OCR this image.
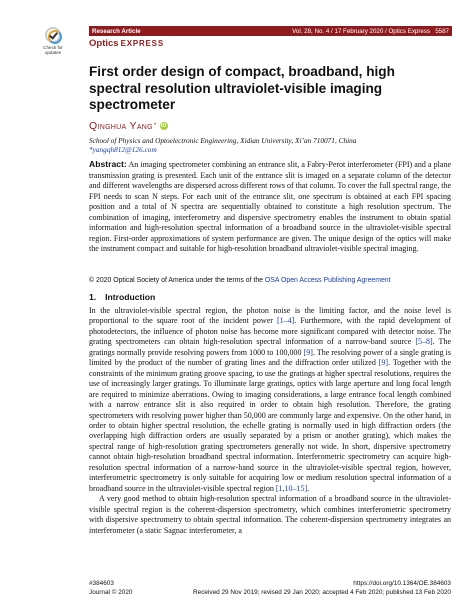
Research Article	Vol. 28, No. 4 / 17 February 2020 / Optics Express 5587
Check for
updates
Optics EXPRESS
First order design of compact, broadband, high spectral resolution ultraviolet-visible imaging spectrometer
Qinghua Yang * iD
School of Physics and Optoelectronic Engineering, Xidian University, Xi’an 710071, China
*yangqh812@126.com
Abstract: An imaging spectrometer combining an entrance slit, a Fabry-Perot interferometer (FPI) and a plane transmission grating is presented. Each unit of the entrance slit is imaged on a separate column of the detector and different wavelengths are dispersed across different rows of that column. To cover the full spectral range, the FPI needs to scan N steps. For each unit of the entrance slit, one spectrum is obtained at each FPI spacing position and a total of N spectra are sequentially obtained to constitute a high resolution spectrum. The combination of imaging, interferometry and dispersive spectrometry enables the instrument to obtain spatial information and high-resolution spectral information of a broadband source in the ultraviolet-visible spectral region. First-order approximations of system performance are given. The unique design of the optics will make the instrument compact and suitable for high-resolution broadband ultraviolet-visible spectral imaging.
© 2020 Optical Society of America under the terms of the OSA Open Access Publishing Agreement
1. Introduction

In the ultraviolet-visible spectral region, the photon noise is the limiting factor, and the noise level is proportional to the square root of the incident power [1–4]. Furthermore, with the rapid development of photodetectors, the influence of photon noise has become more significant compared with detector noise. The grating spectrometers can obtain high-resolution spectral information of a narrow-band source [5–8]. The gratings normally provide resolving powers from 1000 to 100,000 [9]. The resolving power of a single grating is limited by the product of the number of grating lines and the diffraction order utilized [9]. Together with the constraints of the minimum grating groove spacing, to use the gratings at higher spectral resolutions, requires the use of increasingly larger gratings. To illuminate large gratings, optics with large aperture and long focal length are required to minimize aberrations. Owing to imaging considerations, a large entrance focal length combined with a narrow entrance slit is also required in order to obtain high resolution. Therefore, the grating spectrometers with resolving power higher than 50,000 are commonly large and expensive. On the other hand, in order to obtain higher spectral resolution, the echelle grating is normally used in high diffraction orders (the overlapping high diffraction orders are usually separated by a prism or another grating), which makes the spectral range of high-resolution grating spectrometers generally not wide. In short, dispersive spectrometry cannot obtain high-resolution broadband spectral information. Interferometric spectrometry can acquire high-resolution spectral information of a narrow-band source in the ultraviolet-visible spectral region, however, interferometric spectrometry is only suitable for acquiring low or medium resolution spectral information of a broadband source in the ultraviolet-visible spectral region [1,10–15].

A very good method to obtain high-resolution spectral information of a broadband source in the ultraviolet-visible spectral region is the coherent-dispersion spectrometry, which combines interferometric spectrometry with dispersive spectrometry to obtain spectral information. The coherent-dispersion spectrometry integrates an interferometer (a static Sagnac interferometer, a

#384603	https://doi.org/10.1364/OE.384603
Journal © 2020	Received 29 Nov 2019; revised 29 Jan 2020; accepted 4 Feb 2020; published 13 Feb 2020
